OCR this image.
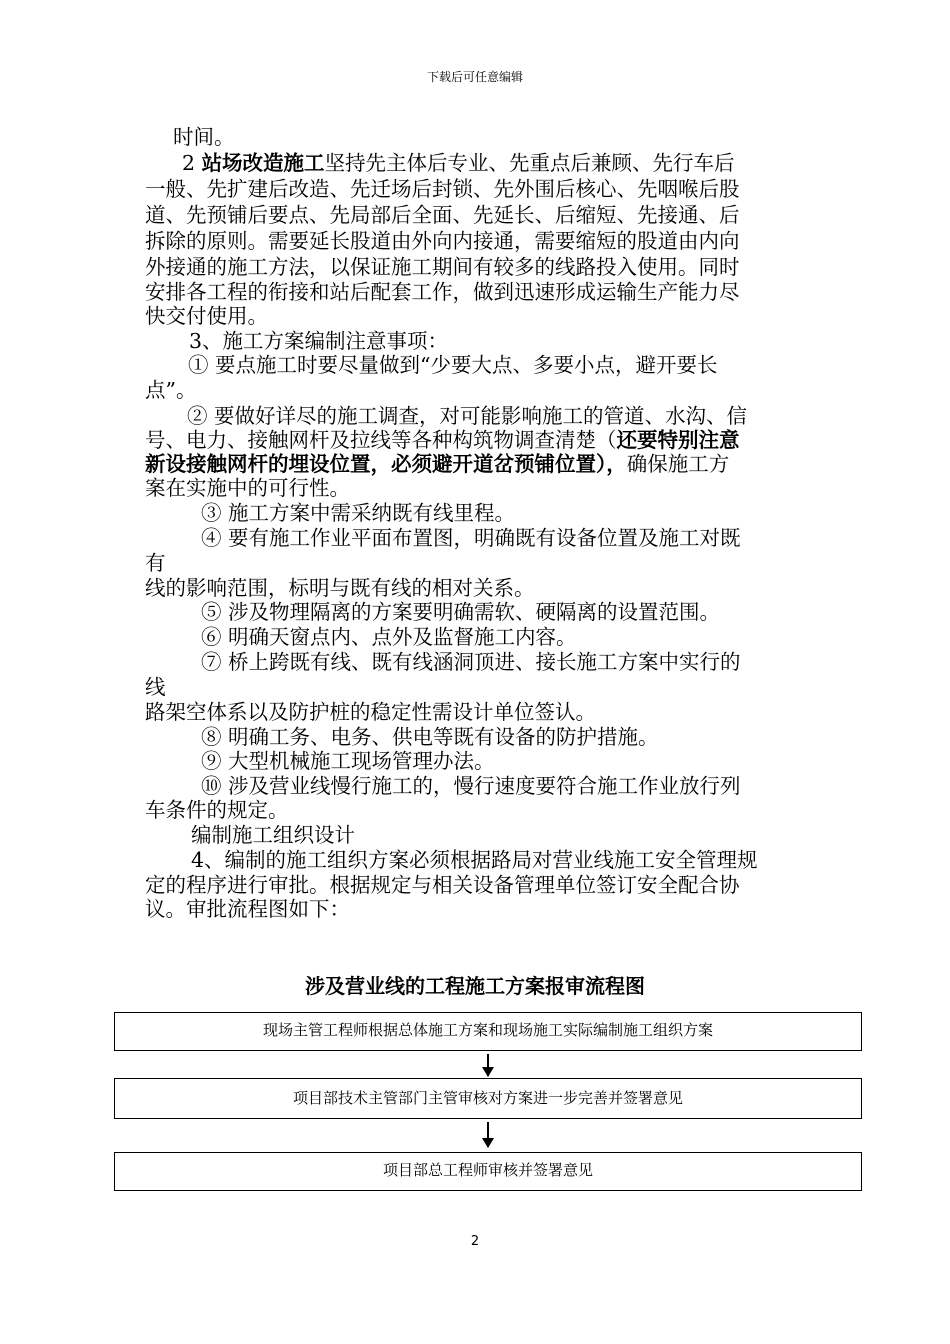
下载后可任意编辑
时间。
2 站场改造施工坚持先主体后专业、先重点后兼顾、先行车后
一般、先扩建后改造、先迁场后封锁、先外围后核心、先咽喉后股
道、先预铺后要点、先局部后全面、先延长、后缩短、先接通、后
拆除的原则。需要延长股道由外向内接通，需要缩短的股道由内向
外接通的施工方法，以保证施工期间有较多的线路投入使用。同时
安排各工程的衔接和站后配套工作，做到迅速形成运输生产能力尽
快交付使用。
3、施工方案编制注意事项：
① 要点施工时要尽量做到“少要大点、多要小点，避开要长
点”。
② 要做好详尽的施工调查，对可能影响施工的管道、水沟、信
号、电力、接触网杆及拉线等各种构筑物调查清楚（还要特别注意
新设接触网杆的埋设位置，必须避开道岔预铺位置），确保施工方
案在实施中的可行性。
③ 施工方案中需采纳既有线里程。
④ 要有施工作业平面布置图，明确既有设备位置及施工对既
有
线的影响范围，标明与既有线的相对关系。
⑤ 涉及物理隔离的方案要明确需软、硬隔离的设置范围。
⑥ 明确天窗点内、点外及监督施工内容。
⑦ 桥上跨既有线、既有线涵洞顶进、接长施工方案中实行的
线
路架空体系以及防护桩的稳定性需设计单位签认。
⑧ 明确工务、电务、供电等既有设备的防护措施。
⑨ 大型机械施工现场管理办法。
⑩ 涉及营业线慢行施工的，慢行速度要符合施工作业放行列
车条件的规定。
编制施工组织设计
4、编制的施工组织方案必须根据路局对营业线施工安全管理规
定的程序进行审批。根据规定与相关设备管理单位签订安全配合协
议。审批流程图如下：
涉及营业线的工程施工方案报审流程图
现场主管工程师根据总体施工方案和现场施工实际编制施工组织方案
项目部技术主管部门主管审核对方案进一步完善并签署意见
项目部总工程师审核并签署意见
2
